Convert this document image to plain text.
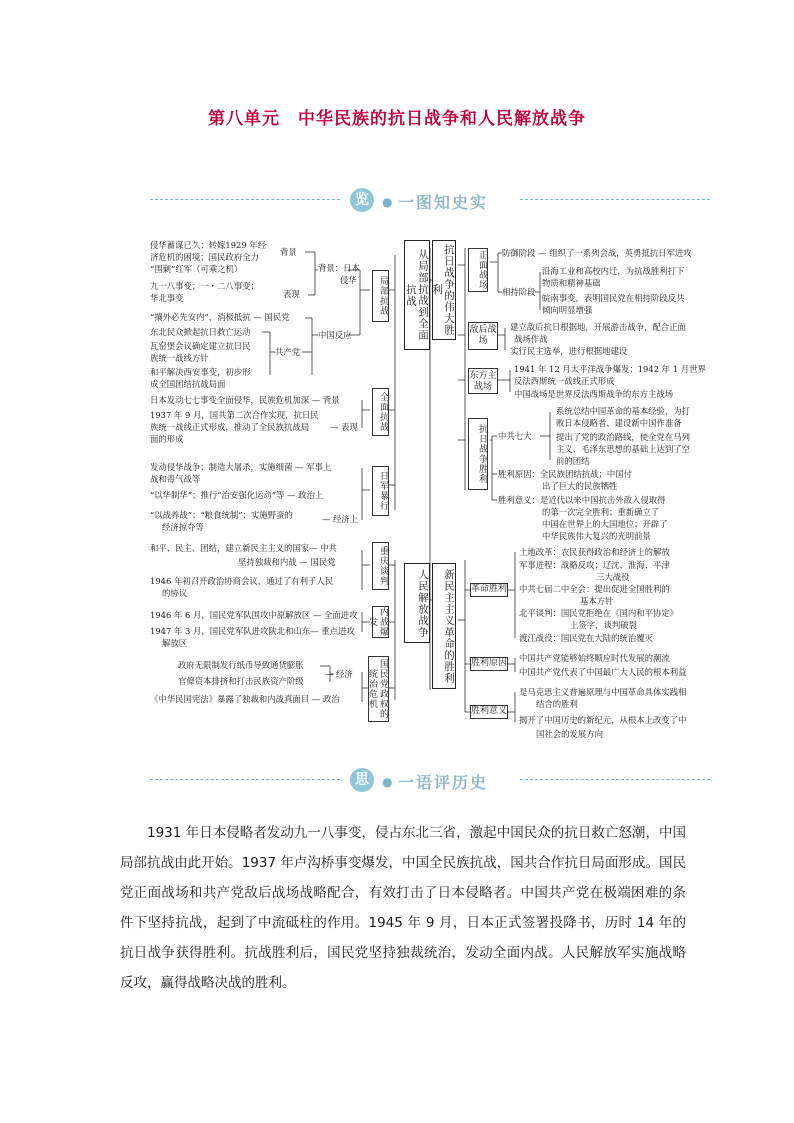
第八单元　中华民族的抗日战争和人民解放战争
览	● 一图知史实
从局部抗战到全面抗战	抗日战争的伟大胜利
人民解放战争	新民主主义革命的胜利
局部抗战
全面抗战
日军暴行
重庆谈判
内战爆发
国民党政权的统治危机
侵华蓄谋已久；转嫁1929 年经
济危机的困境；国民政府全力
“围剿”红军（可乘之机）
背景
背景：日本
侵华
九一八事变；一・二八事变；
华北事变	表现
“攘外必先安内”，消极抵抗 — 国民党
东北民众掀起抗日救亡运动
瓦窑堡会议确定建立抗日民
族统一战线方针
和平解决西安事变，初步形
成全国团结抗战局面
共产党
中国反应
日本发动七七事变全面侵华，民族危机加深 — 背景
1937 年 9 月，国共第二次合作实现，抗日民
族统一战线正式形成，推动了全民族抗战局 — 表现
面的形成
发动侵华战争；制造大屠杀，实施细菌 — 军事上
战和毒气战等
“以华制华”；推行“治安强化运动”等 — 政治上
“以战养战”；“粮食统制”；实施野蛮的	— 经济上
经济掠夺等
和平、民主、团结，建立新民主主义的国家— 中共
坚持独裁和内战 — 国民党
1946 年初召开政治协商会议，通过了有利于人民
的协议
1946 年 6 月，国民党军队围攻中原解放区 — 全面进攻
1947 年 3 月，国民党军队进攻陕北和山东— 重点进攻
解放区
政府无限制发行纸币导致通货膨胀
官僚资本排挤和打击民族资产阶级
— 经济
《中华民国宪法》暴露了独裁和内战真面目 — 政治
正面战场
敌后战场
东方主战场
抗日战争胜利
革命胜利
胜利原因
胜利意义
防御阶段 — 组织了一系列会战，英勇抵抗日军进攻
沿海工业和高校内迁，为抗战胜利打下
物质和精神基础
相持阶段
皖南事变，表明国民党在相持阶段反共
倾向明显增强
建立敌后抗日根据地，开展游击战争，配合正面
战场作战
实行民主选举，进行根据地建设
1941 年 12 月太平洋战争爆发；1942 年 1 月世界
反法西斯统一战线正式形成
中国战场是世界反法西斯战争的东方主战场
中共七大
系统总结中国革命的基本经验，为打
败日本侵略者、建设新中国作准备
提出了党的政治路线，使全党在马列
主义、毛泽东思想的基础上达到了空
前的团结
胜利原因：全民族团结抗战；中国付
出了巨大的民族牺牲
胜利意义：是近代以来中国抗击外敌入侵取得
的第一次完全胜利；重新确立了
中国在世界上的大国地位；开辟了
中华民族伟大复兴的光明前景
土地改革：农民获得政治和经济上的解放
军事进程：战略反攻；辽沈、淮海、平津
三大战役
中共七届二中全会：提出促进全国胜利的
基本方针
北平谈判：国民党拒绝在《国内和平协定》
上签字，谈判破裂
渡江战役：国民党在大陆的统治覆灭
中国共产党能够始终顺应时代发展的潮流
中国共产党代表了中国最广大人民的根本利益
是马克思主义普遍原理与中国革命具体实践相
结合的胜利
揭开了中国历史的新纪元，从根本上改变了中
国社会的发展方向
思	● 一语评历史
1931 年日本侵略者发动九一八事变，侵占东北三省，激起中国民众的抗日救亡怒潮，中国局部抗战由此开始。1937 年卢沟桥事变爆发，中国全民族抗战，国共合作抗日局面形成。国民党正面战场和共产党敌后战场战略配合，有效打击了日本侵略者。中国共产党在极端困难的条件下坚持抗战，起到了中流砥柱的作用。1945 年 9 月，日本正式签署投降书，历时 14 年的抗日战争获得胜利。抗战胜利后，国民党坚持独裁统治，发动全面内战。人民解放军实施战略反攻，赢得战略决战的胜利。
